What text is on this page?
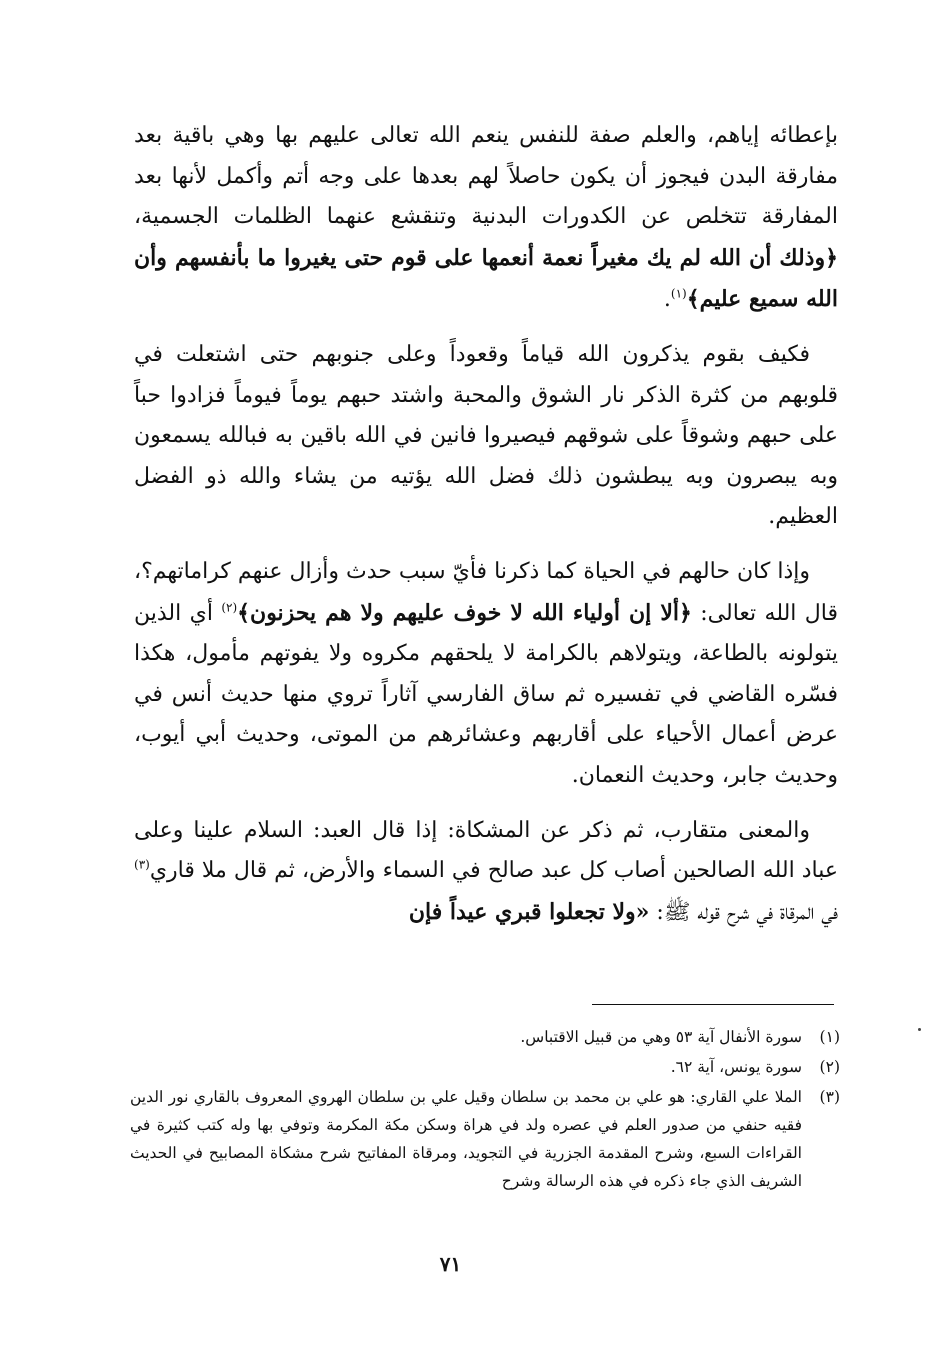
بإعطائه إياهم، والعلم صفة للنفس ينعم الله تعالى عليهم بها وهي باقية بعد مفارقة البدن فيجوز أن يكون حاصلاً لهم بعدها على وجه أتم وأكمل لأنها بعد المفارقة تتخلص عن الكدورات البدنية وتنقشع عنهما الظلمات الجسمية، ﴿وذلك أن الله لم يك مغيراً نعمة أنعمها على قوم حتى يغيروا ما بأنفسهم وأن الله سميع عليم﴾$^{(١)}$.

فكيف بقوم يذكرون الله قياماً وقعوداً وعلى جنوبهم حتى اشتعلت في قلوبهم من كثرة الذكر نار الشوق والمحبة واشتد حبهم يوماً فيوماً فزادوا حباً على حبهم وشوقاً على شوقهم فيصيروا فانين في الله باقين به فبالله يسمعون وبه يبصرون وبه يبطشون ذلك فضل الله يؤتيه من يشاء والله ذو الفضل العظيم.

وإذا كان حالهم في الحياة كما ذكرنا فأيّ سبب حدث وأزال عنهم كراماتهم؟، قال الله تعالى: ﴿ألا إن أولياء الله لا خوف عليهم ولا هم يحزنون﴾$^{(٢)}$ أي الذين يتولونه بالطاعة، ويتولاهم بالكرامة لا يلحقهم مكروه ولا يفوتهم مأمول، هكذا فسّره القاضي في تفسيره ثم ساق الفارسي آثاراً تروي منها حديث أنس في عرض أعمال الأحياء على أقاربهم وعشائرهم من الموتى، وحديث أبي أيوب، وحديث جابر، وحديث النعمان.

والمعنى متقارب، ثم ذكر عن المشكاة: إذا قال العبد: السلام علينا وعلى عباد الله الصالحين أصاب كل عبد صالح في السماء والأرض، ثم قال ملا قاري$^{(٣)}$ في المرقاة في شرح قوله ﷺ: «ولا تجعلوا قبري عيداً فإن

(١)
سورة الأنفال آية ٥٣ وهي من قبيل الاقتباس.
(٢)
سورة يونس، آية ٦٢.
(٣)
الملا علي القاري: هو علي بن محمد بن سلطان وقيل علي بن سلطان الهروي المعروف بالقاري نور الدين فقيه حنفي من صدور العلم في عصره ولد في هراة وسكن مكة المكرمة وتوفي بها وله كتب كثيرة في القراءات السبع، وشرح المقدمة الجزرية في التجويد، ومرقاة المفاتيح شرح مشكاة المصابيح في الحديث الشريف الذي جاء ذكره في هذه الرسالة وشرح
٧١
